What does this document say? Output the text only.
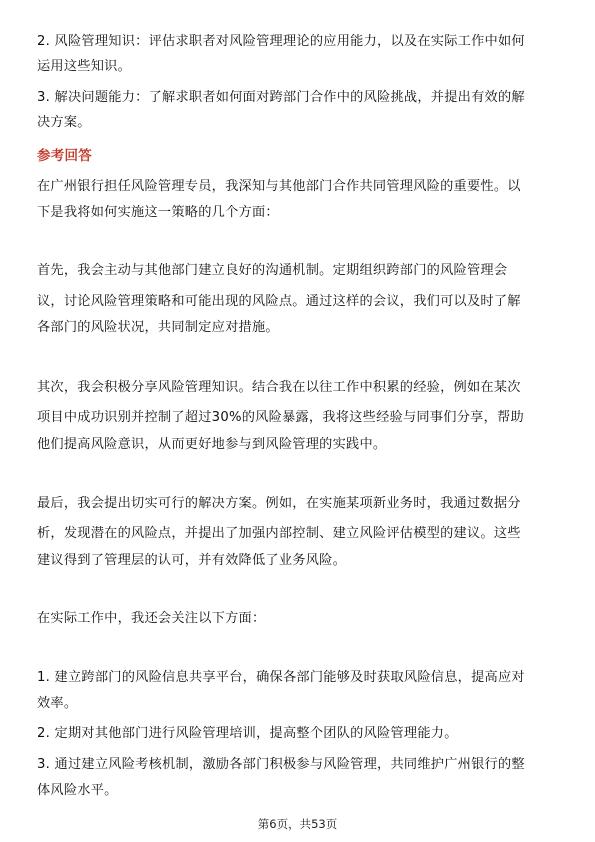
2. 风险管理知识：评估求职者对风险管理理论的应用能力，以及在实际工作中如何
运用这些知识。
3. 解决问题能力：了解求职者如何面对跨部门合作中的风险挑战，并提出有效的解
决方案。
参考回答
在广州银行担任风险管理专员，我深知与其他部门合作共同管理风险的重要性。以
下是我将如何实施这一策略的几个方面：
首先，我会主动与其他部门建立良好的沟通机制。定期组织跨部门的风险管理会
议，讨论风险管理策略和可能出现的风险点。通过这样的会议，我们可以及时了解
各部门的风险状况，共同制定应对措施。
其次，我会积极分享风险管理知识。结合我在以往工作中积累的经验，例如在某次
项目中成功识别并控制了超过30%的风险暴露，我将这些经验与同事们分享，帮助
他们提高风险意识，从而更好地参与到风险管理的实践中。
最后，我会提出切实可行的解决方案。例如，在实施某项新业务时，我通过数据分
析，发现潜在的风险点，并提出了加强内部控制、建立风险评估模型的建议。这些
建议得到了管理层的认可，并有效降低了业务风险。
在实际工作中，我还会关注以下方面：
1. 建立跨部门的风险信息共享平台，确保各部门能够及时获取风险信息，提高应对
效率。
2. 定期对其他部门进行风险管理培训，提高整个团队的风险管理能力。
3. 通过建立风险考核机制，激励各部门积极参与风险管理，共同维护广州银行的整
体风险水平。
第6页，共53页
